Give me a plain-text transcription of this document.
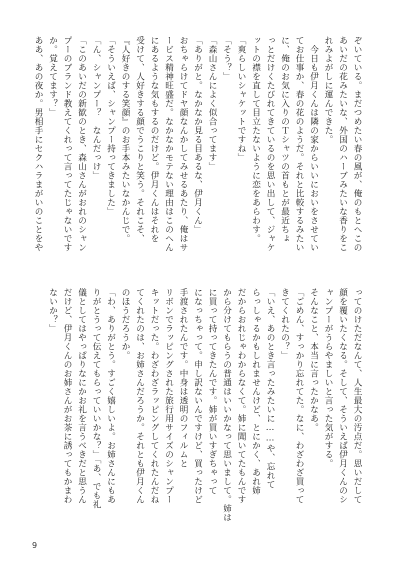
ぞいている。まだつめたい春の風が、俺のもとへこの
あいだの花みたいな、外国のハーブみたいな香りをこ
れみよがしに運んできた。
　今日も伊月くんは隣の家からいいにおいをさせてい
てお仕事か、春の花のようだ。それと比較するみたい
に、俺のお気に入りのＴシャツの首もとが最近ちょ
っとだけくたびれてきているのを思い出して、ジャケ
ットの襟を直して目立たないように恋をあらわす。
「爽らしいシャケットですね」
「そう？」
「森山さんによく似合ってます」
「ありがと。なかなか見る目あるな、伊月くん」
おちゃらけてドヤ顔なんかしてみせるあたり、俺はサ
ービス精神旺盛だ。なかなかモテない理由はこのへん
にあるような気もするのだけど。伊月くんはそれを
受けて、人好きする顔でうこりと笑う。それこそ、
『人好きのする笑顔』のお手本みたいなかんじで。
「そういえば、シャンプー持ってきました」
「ん、シャンプー？　なんだっけ」
「このあいだの新歓のとき、森山さんがおれのシャン
プーのブランド教えてくれって言ってたじゃないです
か。覚えてます？」
ああ、あの夜か。男相手にセクハラまがいのことをや

ってのけただなんて、人生最大の汚点だ。思いだして
顔を覆いたくなる。そして、そういえば伊月くんのシ
ャンプーがうらやましいと言った気がする。
そんなこと、本当に言ったかなあ。
「ごめん、すっかり忘れてた。なに、わざわざ買って
きてくれたの？」
「いえ、あのとき言ったみたいに……や、忘れて
らっしゃるかもしれませんけど、とにかく、あれ姉
だからおれじゃわからなくて。姉に聞いてたもんです
から分けてもらうの普通はいいかなって思いまして。姉は
に買って持ってきたんです。姉が買いすぎちゃって
になっちゃって。申し訳ないんですけど、買ったけど
手渡されたんです。中身は透明のフィルムと
リボンでラッピングされた旅行用サイズのシャンプー
キットだった。わざわざラッピングしてくれたんだね
てくれたのは、お姉さんだろうか。それとも伊月くん
のほうだろうか。
「わ、ありがとう。すごく嬉しいよ。お姉さんにもあ
りがとうって伝えてもらっていいかな？」「あ、でも礼
儀としてはやっぱりなにかお礼を言うべきだと思うん
だけど、伊月くんのお姉さんがお茶に誘ってもかまわ
ないか？」

9
